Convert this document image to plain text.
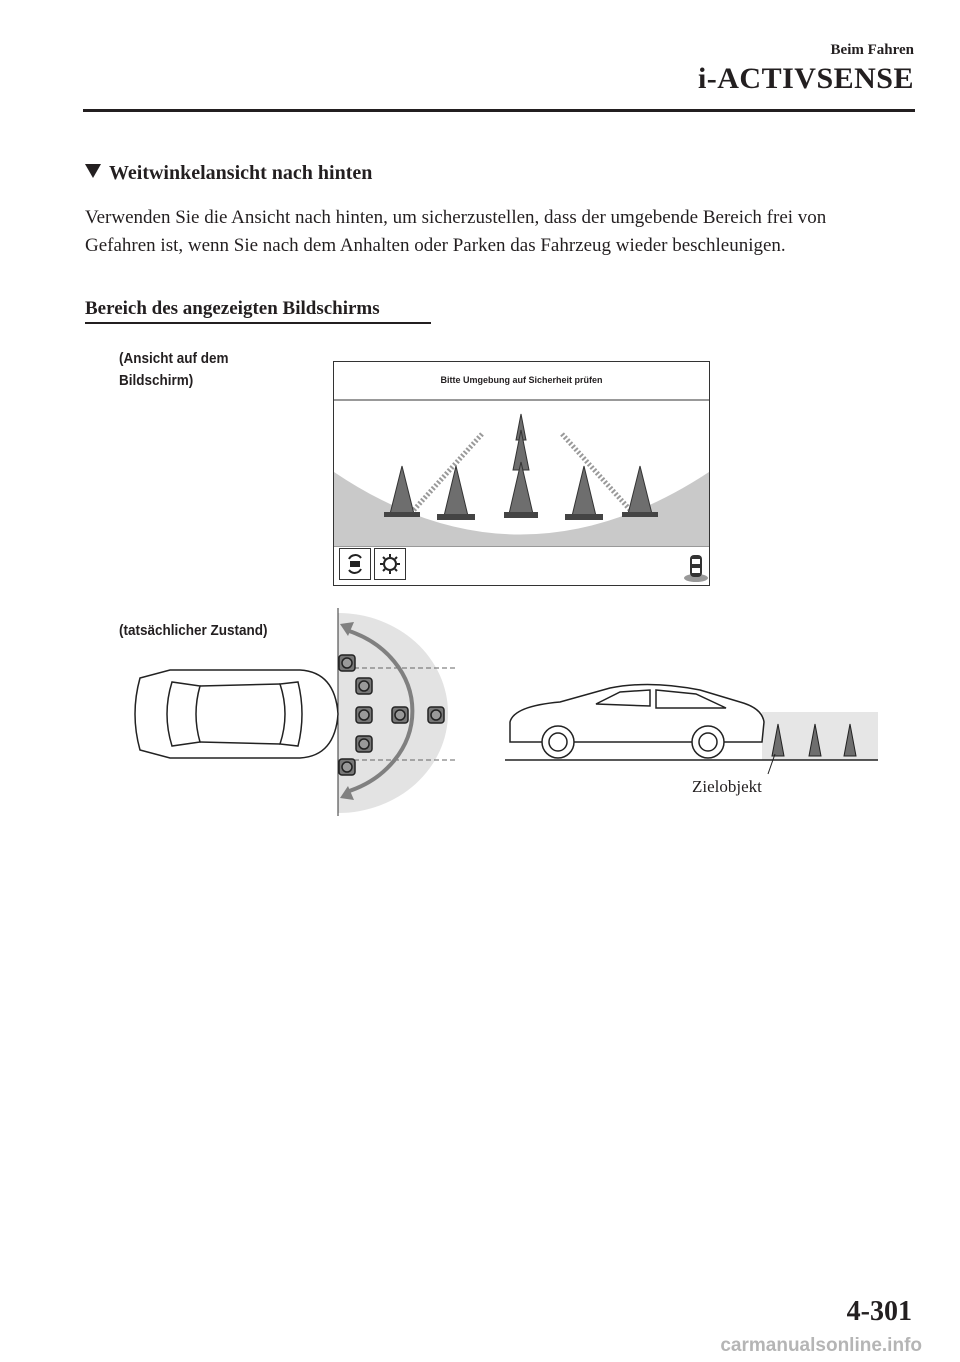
Beim Fahren
i-ACTIVSENSE
Weitwinkelansicht nach hinten
Verwenden Sie die Ansicht nach hinten, um sicherzustellen, dass der umgebende Bereich frei von Gefahren ist, wenn Sie nach dem Anhalten oder Parken das Fahrzeug wieder beschleunigen.
Bereich des angezeigten Bildschirms
(Ansicht auf dem Bildschirm)	Bitte Umgebung auf Sicherheit prüfen
(tatsächlicher Zustand)
Zielobjekt
4-301
carmanualsonline.info
